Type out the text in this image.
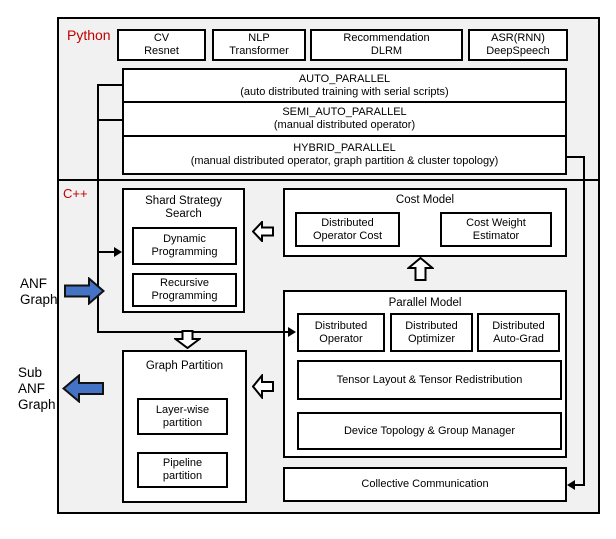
Python
C++
CV
Resnet
NLP
Transformer
Recommendation
DLRM
ASR(RNN)
DeepSpeech
AUTO_PARALLEL
(auto distributed training with serial scripts)
SEMI_AUTO_PARALLEL
(manual distributed operator)
HYBRID_PARALLEL
(manual distributed operator, graph partition & cluster topology)
Shard Strategy Search
Dynamic Programming
Recursive Programming
Cost Model
Distributed Operator Cost
Cost Weight Estimator
Parallel Model
Distributed Operator
Distributed Optimizer
Distributed Auto-Grad
Tensor Layout & Tensor Redistribution
Device Topology & Group Manager
Collective Communication
Graph Partition
Layer-wise partition
Pipeline partition
ANF Graph
Sub ANF Graph
